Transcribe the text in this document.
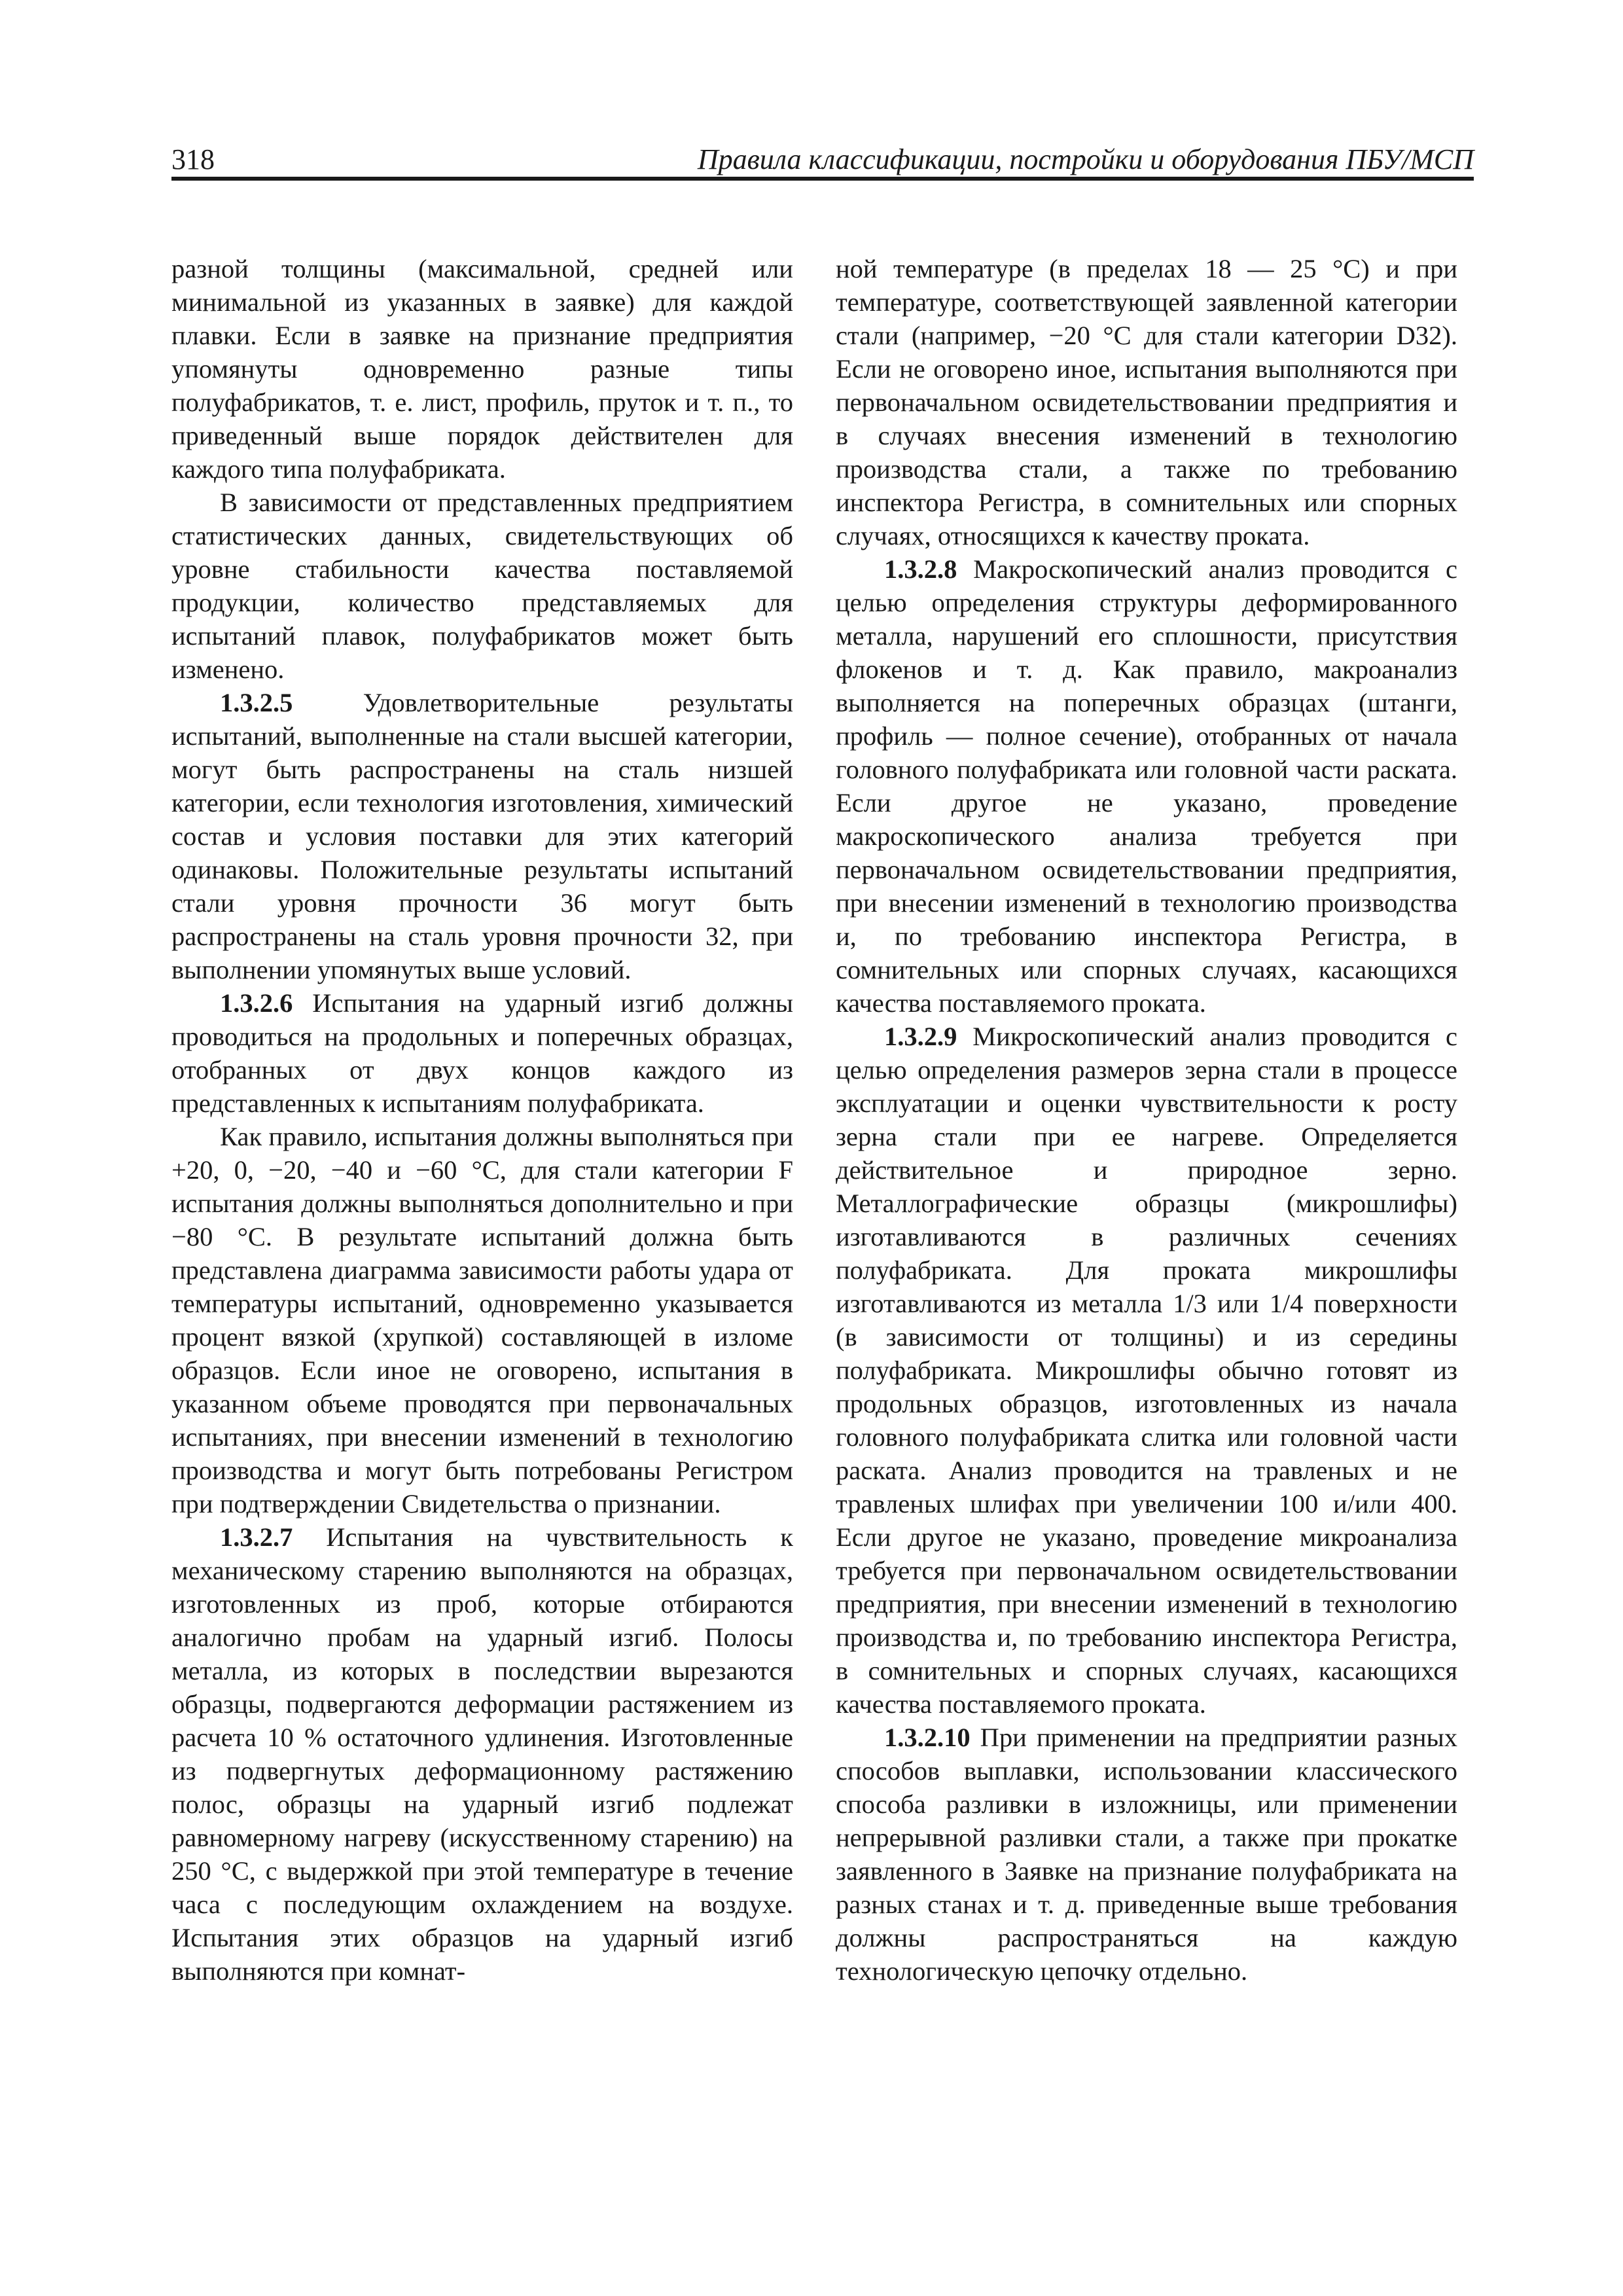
318	Правила классификации, постройки и оборудования ПБУ/МСП

разной толщины (максимальной, средней или минимальной из указанных в заявке) для каждой плавки. Если в заявке на признание предприятия упомянуты одновременно разные типы полуфабрикатов, т. е. лист, профиль, пруток и т. п., то приведенный выше порядок действителен для каждого типа полуфабриката.

В зависимости от представленных предприятием статистических данных, свидетельствующих об уровне стабильности качества поставляемой продукции, количество представляемых для испытаний плавок, полуфабрикатов может быть изменено.

1.3.2.5 Удовлетворительные результаты испытаний, выполненные на стали высшей категории, могут быть распространены на сталь низшей категории, если технология изготовления, химический состав и условия поставки для этих категорий одинаковы. Положительные результаты испытаний стали уровня прочности 36 могут быть распространены на сталь уровня прочности 32, при выполнении упомянутых выше условий.

1.3.2.6 Испытания на ударный изгиб должны проводиться на продольных и поперечных образцах, отобранных от двух концов каждого из представленных к испытаниям полуфабриката.

Как правило, испытания должны выполняться при +20, 0, −20, −40 и −60 °С, для стали категории F испытания должны выполняться дополнительно и при −80 °С. В результате испытаний должна быть представлена диаграмма зависимости работы удара от температуры испытаний, одновременно указывается процент вязкой (хрупкой) составляющей в изломе образцов. Если иное не оговорено, испытания в указанном объеме проводятся при первоначальных испытаниях, при внесении изменений в технологию производства и могут быть потребованы Регистром при подтверждении Свидетельства о признании.

1.3.2.7 Испытания на чувствительность к механическому старению выполняются на образцах, изготовленных из проб, которые отбираются аналогично пробам на ударный изгиб. Полосы металла, из которых в последствии вырезаются образцы, подвергаются деформации растяжением из расчета 10 % остаточного удлинения. Изготовленные из подвергнутых деформационному растяжению полос, образцы на ударный изгиб подлежат равномерному нагреву (искусственному старению) на 250 °С, с выдержкой при этой температуре в течение часа с последующим охлаждением на воздухе. Испытания этих образцов на ударный изгиб выполняются при комнат-

ной температуре (в пределах 18 — 25 °С) и при температуре, соответствующей заявленной категории стали (например, −20 °С для стали категории D32). Если не оговорено иное, испытания выполняются при первоначальном освидетельствовании предприятия и в случаях внесения изменений в технологию производства стали, а также по требованию инспектора Регистра, в сомнительных или спорных случаях, относящихся к качеству проката.

1.3.2.8 Макроскопический анализ проводится с целью определения структуры деформированного металла, нарушений его сплошности, присутствия флокенов и т. д. Как правило, макроанализ выполняется на поперечных образцах (штанги, профиль — полное сечение), отобранных от начала головного полуфабриката или головной части раската. Если другое не указано, проведение макроскопического анализа требуется при первоначальном освидетельствовании предприятия, при внесении изменений в технологию производства и, по требованию инспектора Регистра, в сомнительных или спорных случаях, касающихся качества поставляемого проката.

1.3.2.9 Микроскопический анализ проводится с целью определения размеров зерна стали в процессе эксплуатации и оценки чувствительности к росту зерна стали при ее нагреве. Определяется действительное и природное зерно. Металлографические образцы (микрошлифы) изготавливаются в различных сечениях полуфабриката. Для проката микрошлифы изготавливаются из металла 1/3 или 1/4 поверхности (в зависимости от толщины) и из середины полуфабриката. Микрошлифы обычно готовят из продольных образцов, изготовленных из начала головного полуфабриката слитка или головной части раската. Анализ проводится на травленых и не травленых шлифах при увеличении 100 и/или 400. Если другое не указано, проведение микроанализа требуется при первоначальном освидетельствовании предприятия, при внесении изменений в технологию производства и, по требованию инспектора Регистра, в сомнительных и спорных случаях, касающихся качества поставляемого проката.

1.3.2.10 При применении на предприятии разных способов выплавки, использовании классического способа разливки в изложницы, или применении непрерывной разливки стали, а также при прокатке заявленного в Заявке на признание полуфабриката на разных станах и т. д. приведенные выше требования должны распространяться на каждую технологическую цепочку отдельно.
